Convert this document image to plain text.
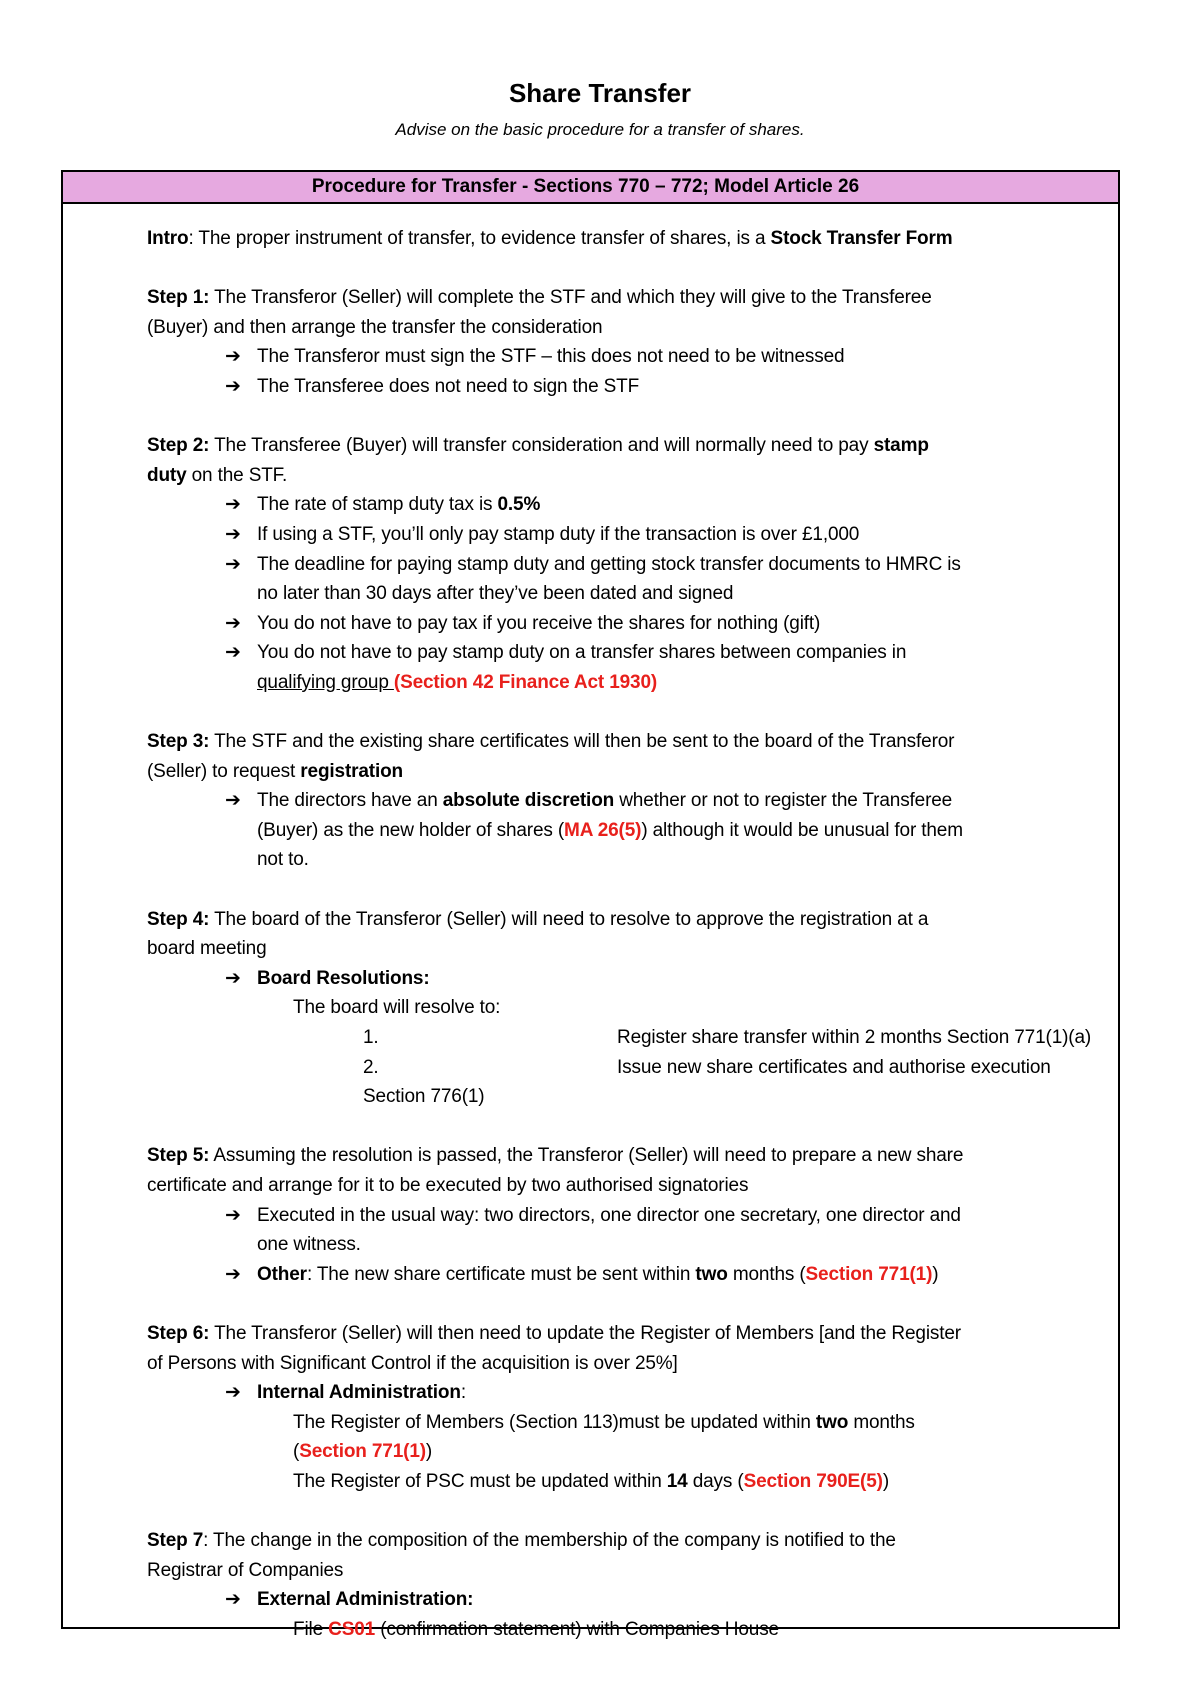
Share Transfer
Advise on the basic procedure for a transfer of shares.
Procedure for Transfer - Sections 770 – 772; Model Article 26

Intro: The proper instrument of transfer, to evidence transfer of shares, is a Stock Transfer Form

Step 1: The Transferor (Seller) will complete the STF and which they will give to the Transferee

(Buyer) and then arrange the transfer the consideration

➔ The Transferor must sign the STF – this does not need to be witnessed

➔ The Transferee does not need to sign the STF

Step 2: The Transferee (Buyer) will transfer consideration and will normally need to pay stamp

duty on the STF.

➔ The rate of stamp duty tax is 0.5%

➔ If using a STF, you’ll only pay stamp duty if the transaction is over £1,000

➔ The deadline for paying stamp duty and getting stock transfer documents to HMRC is

no later than 30 days after they’ve been dated and signed

➔ You do not have to pay tax if you receive the shares for nothing (gift)

➔ You do not have to pay stamp duty on a transfer shares between companies in

qualifying group (Section 42 Finance Act 1930)

Step 3: The STF and the existing share certificates will then be sent to the board of the Transferor

(Seller) to request registration

➔ The directors have an absolute discretion whether or not to register the Transferee

(Buyer) as the new holder of shares (MA 26(5)) although it would be unusual for them

not to.

Step 4: The board of the Transferor (Seller) will need to resolve to approve the registration at a

board meeting

➔ Board Resolutions:

The board will resolve to:

1.	Register share transfer within 2 months Section 771(1)(a)

2.	Issue new share certificates and authorise execution Section 776(1)

Step 5: Assuming the resolution is passed, the Transferor (Seller) will need to prepare a new share

certificate and arrange for it to be executed by two authorised signatories

➔ Executed in the usual way: two directors, one director one secretary, one director and

one witness.

➔ Other: The new share certificate must be sent within two months (Section 771(1))

Step 6: The Transferor (Seller) will then need to update the Register of Members [and the Register

of Persons with Significant Control if the acquisition is over 25%]

➔ Internal Administration:

The Register of Members (Section 113)must be updated within two months

(Section 771(1))

The Register of PSC must be updated within 14 days (Section 790E(5))

Step 7: The change in the composition of the membership of the company is notified to the

Registrar of Companies

➔ External Administration:

File CS01 (confirmation statement) with Companies House
